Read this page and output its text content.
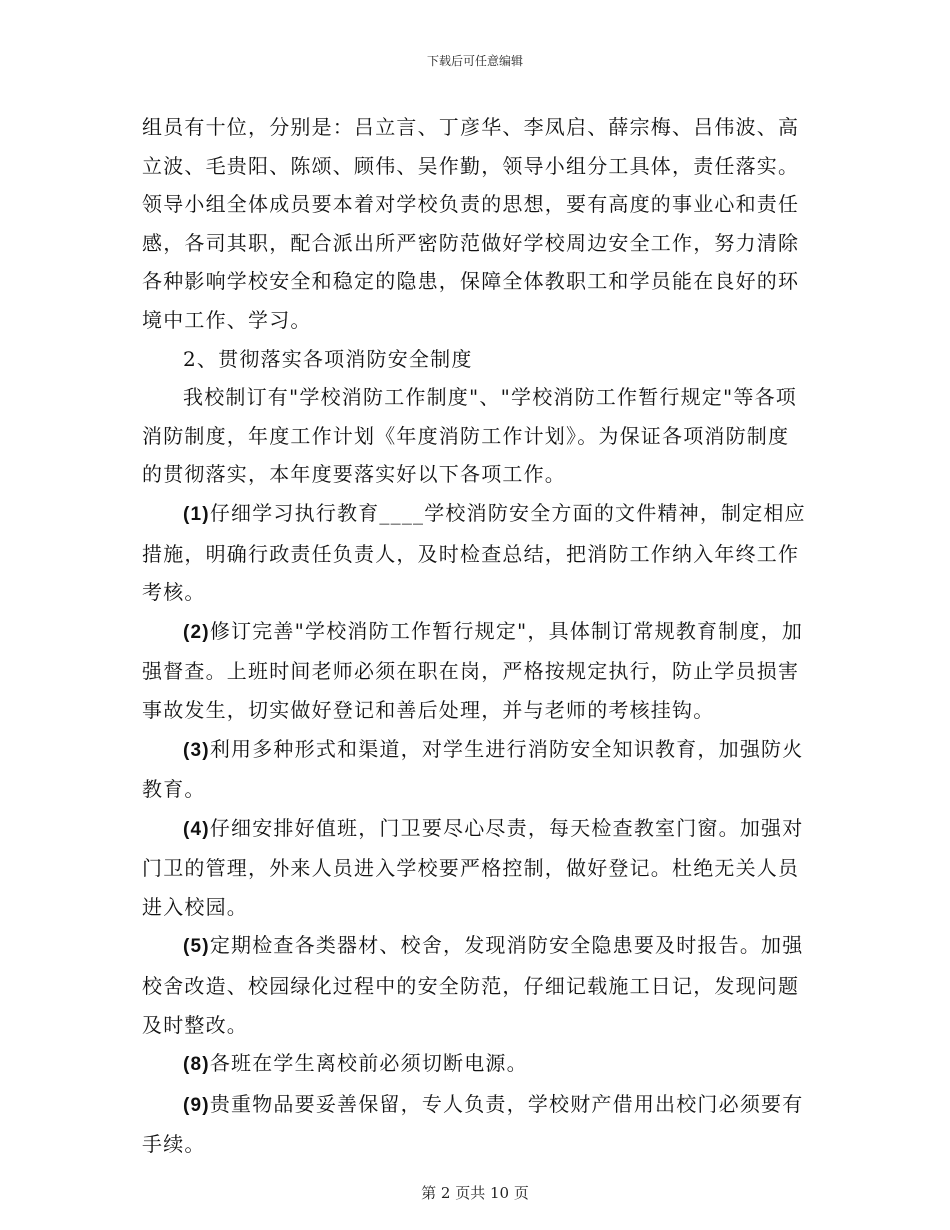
下载后可任意编辑

组员有十位，分别是：吕立言、丁彦华、李凤启、薛宗梅、吕伟波、高立波、毛贵阳、陈颂、顾伟、吴作勤，领导小组分工具体，责任落实。领导小组全体成员要本着对学校负责的思想，要有高度的事业心和责任感，各司其职，配合派出所严密防范做好学校周边安全工作，努力清除各种影响学校安全和稳定的隐患，保障全体教职工和学员能在良好的环境中工作、学习。

2、贯彻落实各项消防安全制度

我校制订有"学校消防工作制度"、"学校消防工作暂行规定"等各项消防制度，年度工作计划《年度消防工作计划》。为保证各项消防制度的贯彻落实，本年度要落实好以下各项工作。

(1)仔细学习执行教育____学校消防安全方面的文件精神，制定相应措施，明确行政责任负责人，及时检查总结，把消防工作纳入年终工作考核。

(2)修订完善"学校消防工作暂行规定"，具体制订常规教育制度，加强督查。上班时间老师必须在职在岗，严格按规定执行，防止学员损害事故发生，切实做好登记和善后处理，并与老师的考核挂钩。

(3)利用多种形式和渠道，对学生进行消防安全知识教育，加强防火教育。

(4)仔细安排好值班，门卫要尽心尽责，每天检查教室门窗。加强对门卫的管理，外来人员进入学校要严格控制，做好登记。杜绝无关人员进入校园。

(5)定期检查各类器材、校舍，发现消防安全隐患要及时报告。加强校舍改造、校园绿化过程中的安全防范，仔细记载施工日记，发现问题及时整改。

(8)各班在学生离校前必须切断电源。

(9)贵重物品要妥善保留，专人负责，学校财产借用出校门必须要有手续。

第 2 页共 10 页
